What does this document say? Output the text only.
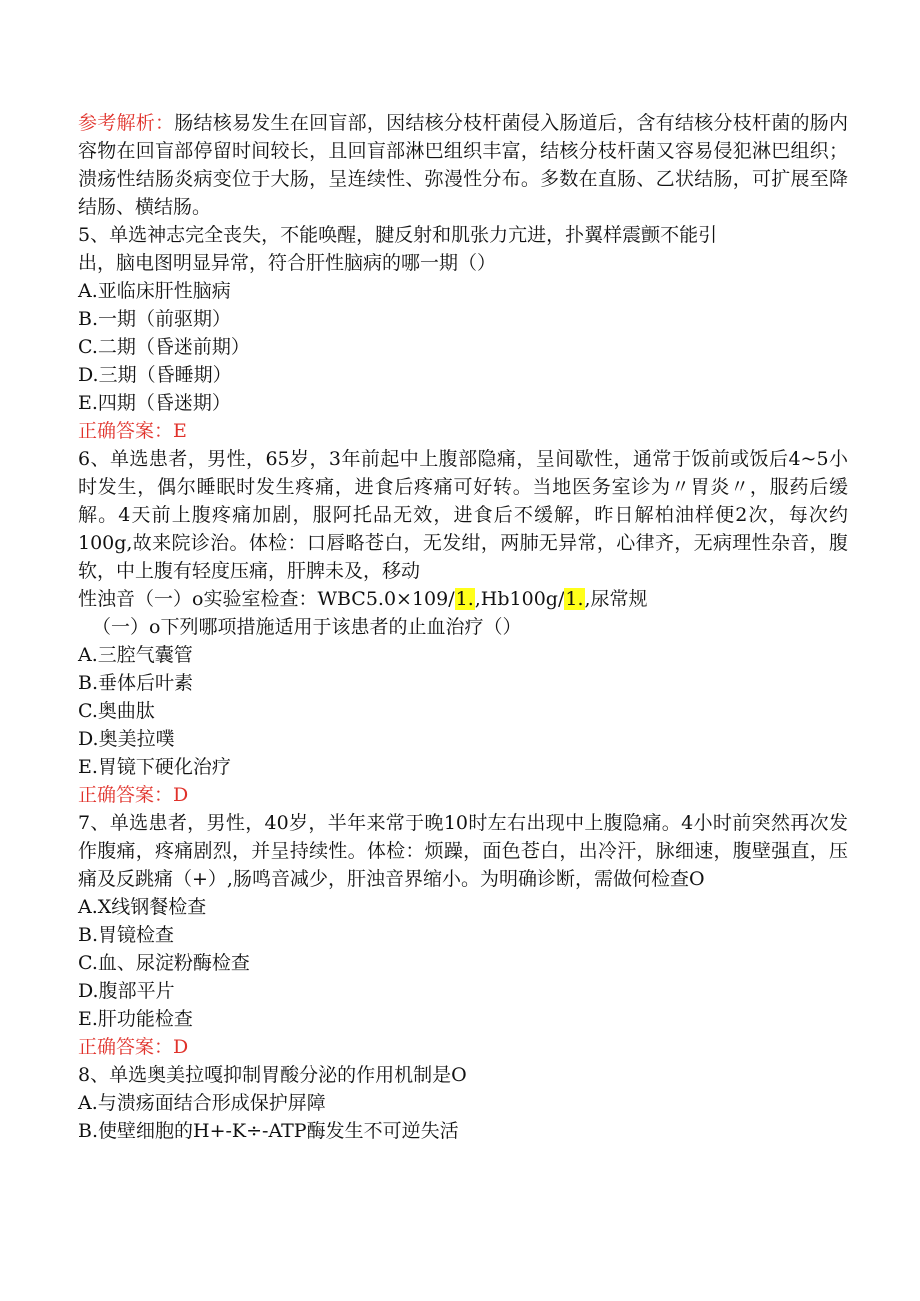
参考解析：肠结核易发生在回盲部，因结核分枝杆菌侵入肠道后，含有结核分枝杆菌的肠内容物在回盲部停留时间较长，且回盲部淋巴组织丰富，结核分枝杆菌又容易侵犯淋巴组织；溃疡性结肠炎病变位于大肠，呈连续性、弥漫性分布。多数在直肠、乙状结肠，可扩展至降结肠、横结肠。

5、单选神志完全丧失，不能唤醒，腱反射和肌张力亢进，扑翼样震颤不能引

出，脑电图明显异常，符合肝性脑病的哪一期（）

A.亚临床肝性脑病

B.一期（前驱期）

C.二期（昏迷前期）

D.三期（昏睡期）

E.四期（昏迷期）

正确答案：E

6、单选患者，男性，65岁，3年前起中上腹部隐痛，呈间歇性，通常于饭前或饭后4~5小时发生，偶尔睡眠时发生疼痛，进食后疼痛可好转。当地医务室诊为〃胃炎〃，服药后缓解。4天前上腹疼痛加剧，服阿托品无效，进食后不缓解，昨日解柏油样便2次，每次约100g,故来院诊治。体检：口唇略苍白，无发绀，两肺无异常，心律齐，无病理性杂音，腹软，中上腹有轻度压痛，肝脾未及，移动

性浊音（一）o实验室检查：WBC5.0×109/1.,Hb100g/1.,尿常规

（一）o下列哪项措施适用于该患者的止血治疗（）

A.三腔气囊管

B.垂体后叶素

C.奥曲肽

D.奥美拉噗

E.胃镜下硬化治疗

正确答案：D

7、单选患者，男性，40岁，半年来常于晚10时左右出现中上腹隐痛。4小时前突然再次发作腹痛，疼痛剧烈，并呈持续性。体检：烦躁，面色苍白，出冷汗，脉细速，腹壁强直，压痛及反跳痛（+）,肠鸣音减少，肝浊音界缩小。为明确诊断，需做何检查O

A.X线钢餐检查

B.胃镜检查

C.血、尿淀粉酶检查

D.腹部平片

E.肝功能检查

正确答案：D

8、单选奥美拉嘎抑制胃酸分泌的作用机制是O

A.与溃疡面结合形成保护屏障

B.使壁细胞的H+-K÷-ATP酶发生不可逆失活
